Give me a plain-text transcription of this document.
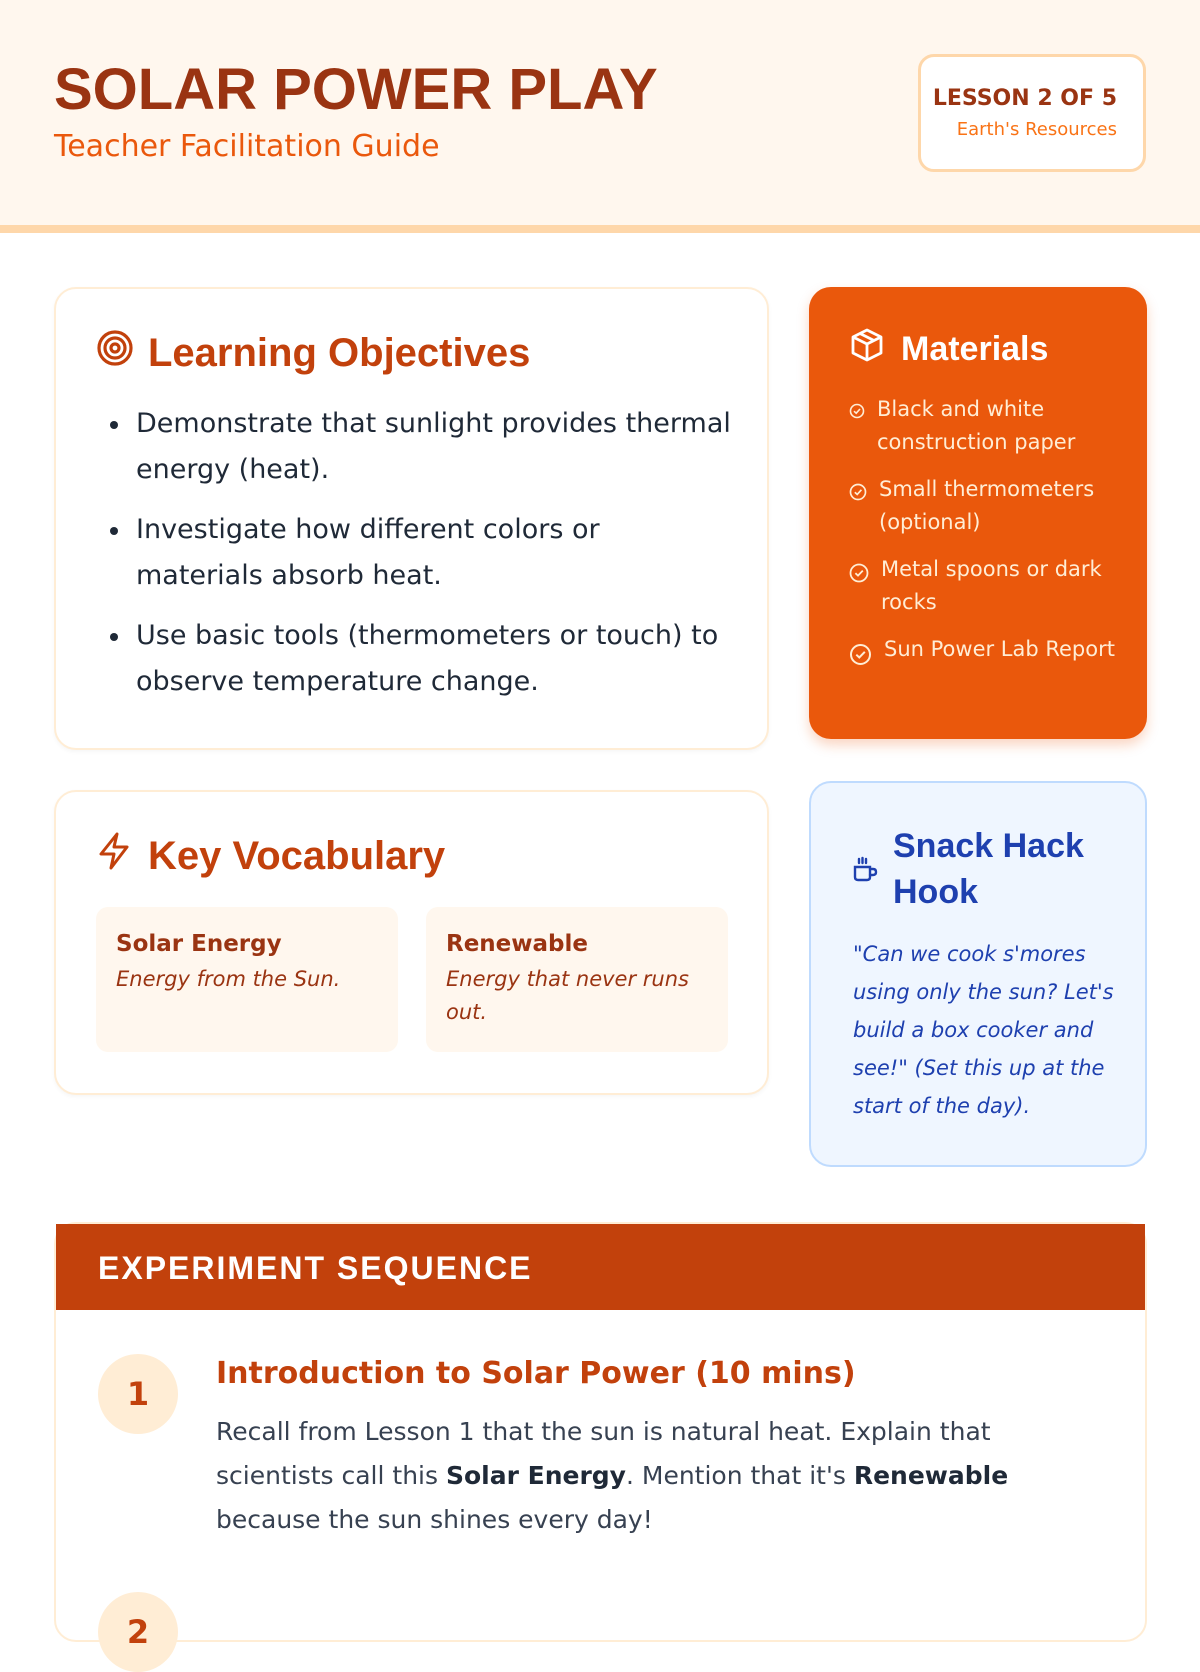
SOLAR POWER PLAY
Teacher Facilitation Guide
LESSON 2 OF 5
Earth's Resources
Learning Objectives
Demonstrate that sunlight provides thermal energy (heat).
Investigate how different colors or materials absorb heat.
Use basic tools (thermometers or touch) to observe temperature change.
Materials
Black and white construction paper
Small thermometers (optional)
Metal spoons or dark rocks
Sun Power Lab Report
Key Vocabulary
Solar Energy
Energy from the Sun.
Renewable
Energy that never runs out.
Snack Hack Hook
"Can we cook s'mores using only the sun? Let's build a box cooker and see!" (Set this up at the start of the day).
EXPERIMENT SEQUENCE
1
Introduction to Solar Power (10 mins)
Recall from Lesson 1 that the sun is natural heat. Explain that scientists call this Solar Energy. Mention that it's Renewable because the sun shines every day!
2
